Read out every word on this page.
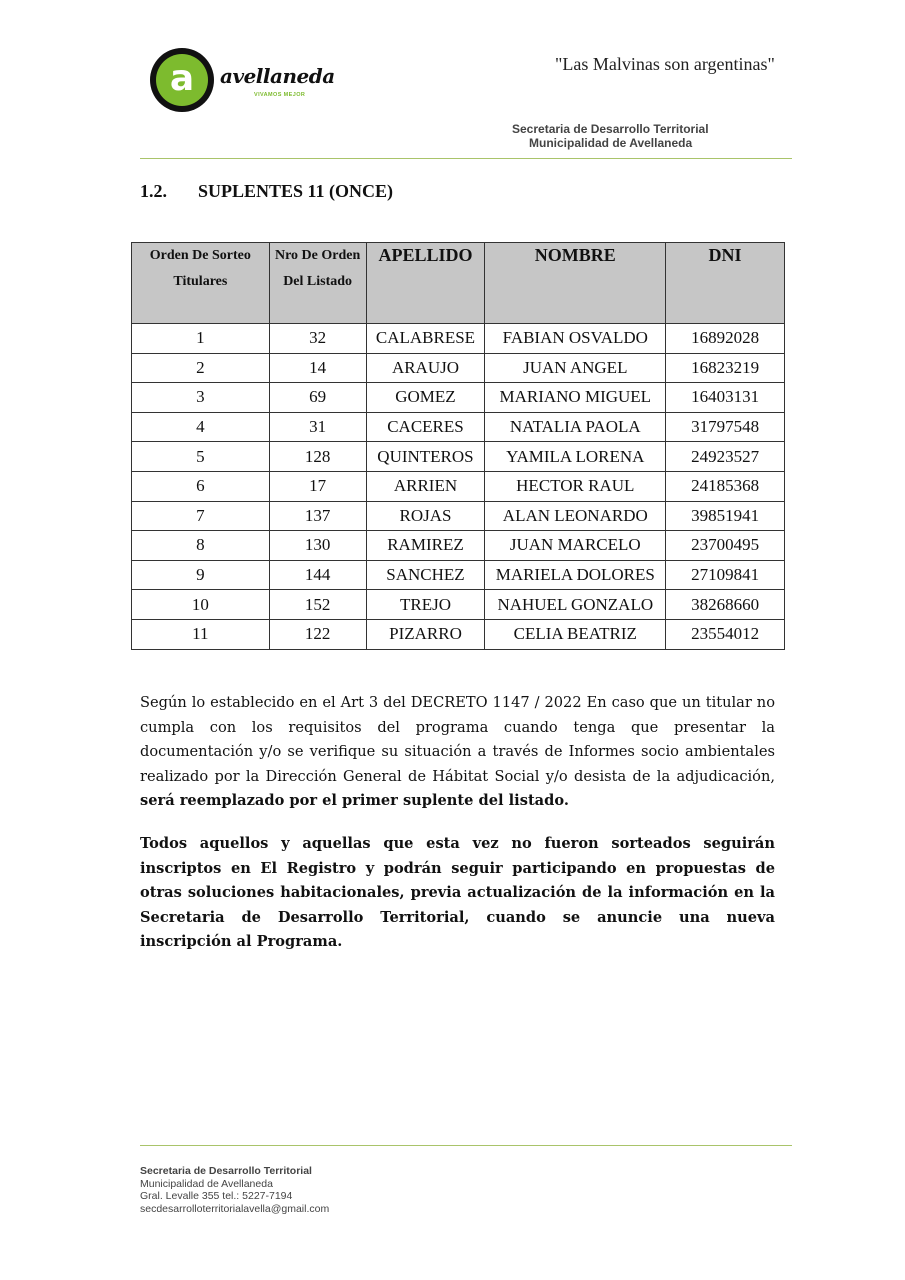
a	avellaneda
VIVAMOS MEJOR
"Las Malvinas son argentinas"
Secretaria de Desarrollo Territorial
Municipalidad de Avellaneda
1.2. SUPLENTES 11 (ONCE)
Orden De Sorteo Titulares	Nro De Orden Del Listado	APELLIDO	NOMBRE	DNI
1	32	CALABRESE	FABIAN OSVALDO	16892028
2	14	ARAUJO	JUAN ANGEL	16823219
3	69	GOMEZ	MARIANO MIGUEL	16403131
4	31	CACERES	NATALIA PAOLA	31797548
5	128	QUINTEROS	YAMILA LORENA	24923527
6	17	ARRIEN	HECTOR RAUL	24185368
7	137	ROJAS	ALAN LEONARDO	39851941
8	130	RAMIREZ	JUAN MARCELO	23700495
9	144	SANCHEZ	MARIELA DOLORES	27109841
10	152	TREJO	NAHUEL GONZALO	38268660
11	122	PIZARRO	CELIA BEATRIZ	23554012

Según lo establecido en el Art 3 del DECRETO 1147 / 2022 En caso que un titular no cumpla con los requisitos del programa cuando tenga que presentar la documentación y/o se verifique su situación a través de Informes socio ambientales realizado por la Dirección General de Hábitat Social y/o desista de la adjudicación, será reemplazado por el primer suplente del listado.

Todos aquellos y aquellas que esta vez no fueron sorteados seguirán inscriptos en El Registro y podrán seguir participando en propuestas de otras soluciones habitacionales, previa actualización de la información en la Secretaria de Desarrollo Territorial, cuando se anuncie una nueva inscripción al Programa.

Secretaria de Desarrollo Territorial
Municipalidad de Avellaneda
Gral. Levalle 355 tel.: 5227-7194
secdesarrolloterritorialavella@gmail.com
